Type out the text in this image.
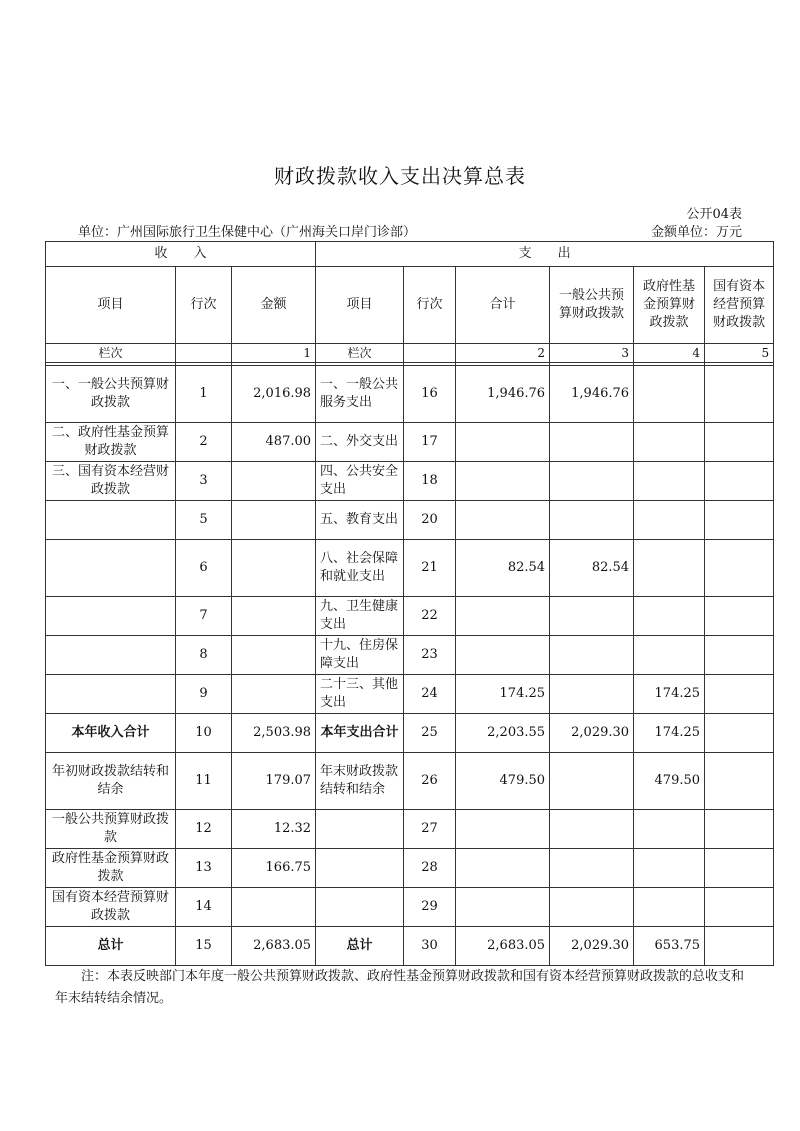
财政拨款收入支出决算总表
公开04表
单位：广州国际旅行卫生保健中心（广州海关口岸门诊部）	金额单位：万元
收　　入			支　　出					
项目	行次	金额	项目	行次	合计	一般公共预算财政拨款	政府性基金预算财政拨款	国有资本经营预算财政拨款
栏次		1	栏次		2	3	4	5

一、一般公共预算财政拨款	1	2,016.98	一、一般公共服务支出	16	1,946.76	1,946.76		
二、政府性基金预算财政拨款	2	487.00	二、外交支出	17				
三、国有资本经营财政拨款	3		四、公共安全支出	18				
	5		五、教育支出	20				
	6		八、社会保障和就业支出	21	82.54	82.54		
	7		九、卫生健康支出	22				
	8		十九、住房保障支出	23				
	9		二十三、其他支出	24	174.25		174.25	
本年收入合计	10	2,503.98	本年支出合计	25	2,203.55	2,029.30	174.25	
年初财政拨款结转和结余	11	179.07	年末财政拨款结转和结余	26	479.50		479.50	
一般公共预算财政拨款	12	12.32		27				
政府性基金预算财政拨款	13	166.75		28				
国有资本经营预算财政拨款	14			29				
总计	15	2,683.05	总计	30	2,683.05	2,029.30	653.75	
注：本表反映部门本年度一般公共预算财政拨款、政府性基金预算财政拨款和国有资本经营预算财政拨款的总收支和年末结转结余情况。
